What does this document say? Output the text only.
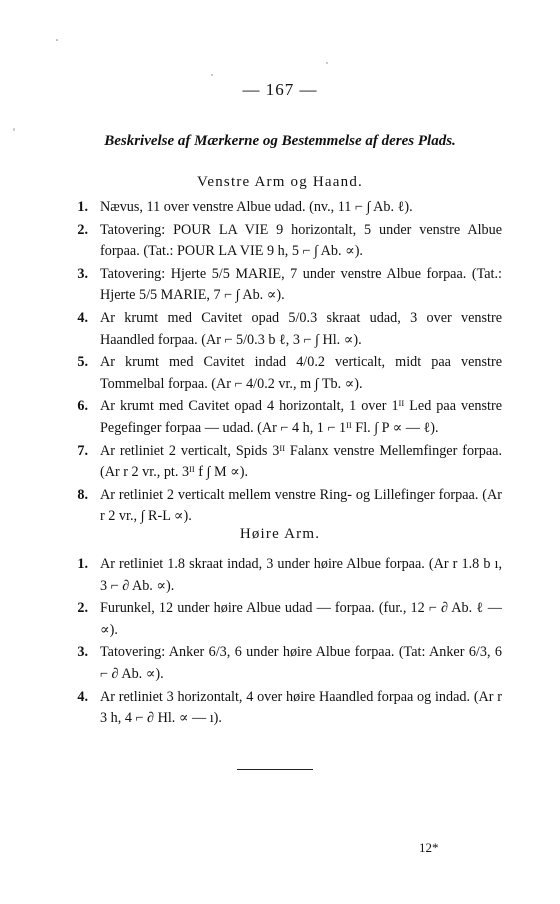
— 167 —
Beskrivelse af Mærkerne og Bestemmelse af deres Plads.
Venstre Arm og Haand.
1. Nævus, 11 over venstre Albue udad. (nv., 11 ⌐ ∫ Ab. ℓ).
2. Tatovering: POUR LA VIE 9 horizontalt, 5 under venstre Albue forpaa. (Tat.: POUR LA VIE 9 h, 5 ⌐ ∫ Ab. ∝).
3. Tatovering: Hjerte 5/5 MARIE, 7 under venstre Albue forpaa. (Tat.: Hjerte 5/5 MARIE, 7 ⌐ ∫ Ab. ∝).
4. Ar krumt med Cavitet opad 5/0.3 skraat udad, 3 over venstre Haandled forpaa. (Ar ⌐ 5/0.3 b ℓ, 3 ⌐ ∫ Hl. ∝).
5. Ar krumt med Cavitet indad 4/0.2 verticalt, midt paa venstre Tommelbal forpaa. (Ar ⌐ 4/0.2 vr., m ∫ Tb. ∝).
6. Ar krumt med Cavitet opad 4 horizontalt, 1 over 1ᴵᴵ Led paa venstre Pegefinger forpaa — udad. (Ar ⌐ 4 h, 1 ⌐ 1ᴵᴵ Fl. ∫ P ∝ — ℓ).
7. Ar retliniet 2 verticalt, Spids 3ᴵᴵ Falanx venstre Mellemfinger forpaa. (Ar r 2 vr., pt. 3ᴵᴵ f ∫ M ∝).
8. Ar retliniet 2 verticalt mellem venstre Ring- og Lillefinger forpaa. (Ar r 2 vr., ∫ R-L ∝).
Høire Arm.
1. Ar retliniet 1.8 skraat indad, 3 under høire Albue forpaa. (Ar r 1.8 b ı, 3 ⌐ ∂ Ab. ∝).
2. Furunkel, 12 under høire Albue udad — forpaa. (fur., 12 ⌐ ∂ Ab. ℓ — ∝).
3. Tatovering: Anker 6/3, 6 under høire Albue forpaa. (Tat: Anker 6/3, 6 ⌐ ∂ Ab. ∝).
4. Ar retliniet 3 horizontalt, 4 over høire Haandled forpaa og indad. (Ar r 3 h, 4 ⌐ ∂ Hl. ∝ — ı).
12*
